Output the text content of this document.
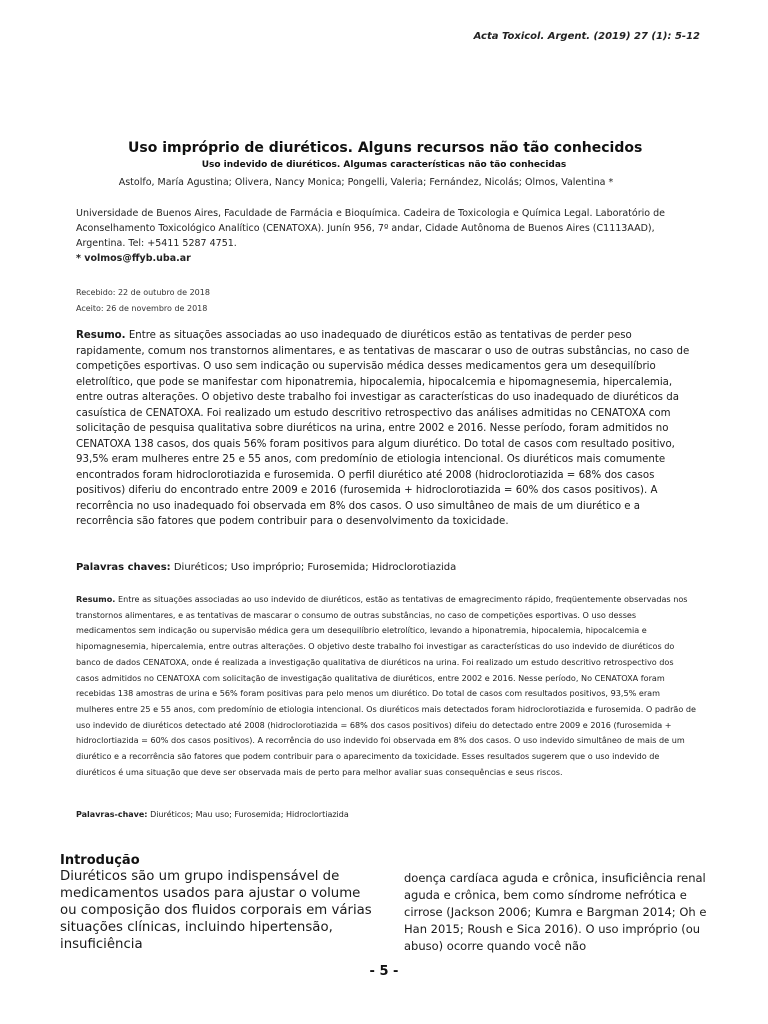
Acta Toxicol. Argent. (2019) 27 (1): 5-12
Uso impróprio de diuréticos. Alguns recursos não tão conhecidos
Uso indevido de diuréticos. Algumas características não tão conhecidas
Astolfo, María Agustina; Olivera, Nancy Monica; Pongelli, Valeria; Fernández, Nicolás; Olmos, Valentina *
Universidade de Buenos Aires, Faculdade de Farmácia e Bioquímica. Cadeira de Toxicologia e Química Legal. Laboratório de Aconselhamento Toxicológico Analítico (CENATOXA). Junín 956, 7º andar, Cidade Autônoma de Buenos Aires (C1113AAD), Argentina. Tel: +5411 5287 4751.
* volmos@ffyb.uba.ar
Recebido: 22 de outubro de 2018
Aceito: 26 de novembro de 2018
Resumo. Entre as situações associadas ao uso inadequado de diuréticos estão as tentativas de perder peso rapidamente, comum nos transtornos alimentares, e as tentativas de mascarar o uso de outras substâncias, no caso de competições esportivas. O uso sem indicação ou supervisão médica desses medicamentos gera um desequilíbrio eletrolítico, que pode se manifestar com hiponatremia, hipocalemia, hipocalcemia e hipomagnesemia, hipercalemia, entre outras alterações. O objetivo deste trabalho foi investigar as características do uso inadequado de diuréticos da casuística de CENATOXA. Foi realizado um estudo descritivo retrospectivo das análises admitidas no CENATOXA com solicitação de pesquisa qualitativa sobre diuréticos na urina, entre 2002 e 2016. Nesse período, foram admitidos no CENATOXA 138 casos, dos quais 56% foram positivos para algum diurético. Do total de casos com resultado positivo, 93,5% eram mulheres entre 25 e 55 anos, com predomínio de etiologia intencional. Os diuréticos mais comumente encontrados foram hidroclorotiazida e furosemida. O perfil diurético até 2008 (hidroclorotiazida = 68% dos casos positivos) diferiu do encontrado entre 2009 e 2016 (furosemida + hidroclorotiazida = 60% dos casos positivos). A recorrência no uso inadequado foi observada em 8% dos casos. O uso simultâneo de mais de um diurético e a recorrência são fatores que podem contribuir para o desenvolvimento da toxicidade.
Palavras chaves: Diuréticos; Uso impróprio; Furosemida; Hidroclorotiazida
Resumo. Entre as situações associadas ao uso indevido de diuréticos, estão as tentativas de emagrecimento rápido, freqüentemente observadas nos transtornos alimentares, e as tentativas de mascarar o consumo de outras substâncias, no caso de competições esportivas. O uso desses medicamentos sem indicação ou supervisão médica gera um desequilíbrio eletrolítico, levando a hiponatremia, hipocalemia, hipocalcemia e hipomagnesemia, hipercalemia, entre outras alterações. O objetivo deste trabalho foi investigar as características do uso indevido de diuréticos do banco de dados CENATOXA, onde é realizada a investigação qualitativa de diuréticos na urina. Foi realizado um estudo descritivo retrospectivo dos casos admitidos no CENATOXA com solicitação de investigação qualitativa de diuréticos, entre 2002 e 2016. Nesse período, No CENATOXA foram recebidas 138 amostras de urina e 56% foram positivas para pelo menos um diurético. Do total de casos com resultados positivos, 93,5% eram mulheres entre 25 e 55 anos, com predomínio de etiologia intencional. Os diuréticos mais detectados foram hidroclorotiazida e furosemida. O padrão de uso indevido de diuréticos detectado até 2008 (hidroclorotiazida = 68% dos casos positivos) difeiu do detectado entre 2009 e 2016 (furosemida + hidroclortiazida = 60% dos casos positivos). A recorrência do uso indevido foi observada em 8% dos casos. O uso indevido simultâneo de mais de um diurético e a recorrência são fatores que podem contribuir para o aparecimento da toxicidade. Esses resultados sugerem que o uso indevido de diuréticos é uma situação que deve ser observada mais de perto para melhor avaliar suas consequências e seus riscos.
Palavras-chave: Diuréticos; Mau uso; Furosemida; Hidroclortiazida
Introdução
Diuréticos são um grupo indispensável de medicamentos usados para ajustar o volume ou composição dos fluidos corporais em várias situações clínicas, incluindo hipertensão, insuficiência
doença cardíaca aguda e crônica, insuficiência renal aguda e crônica, bem como síndrome nefrótica e cirrose (Jackson 2006; Kumra e Bargman 2014; Oh e Han 2015; Roush e Sica 2016). O uso impróprio (ou abuso) ocorre quando você não
- 5 -
